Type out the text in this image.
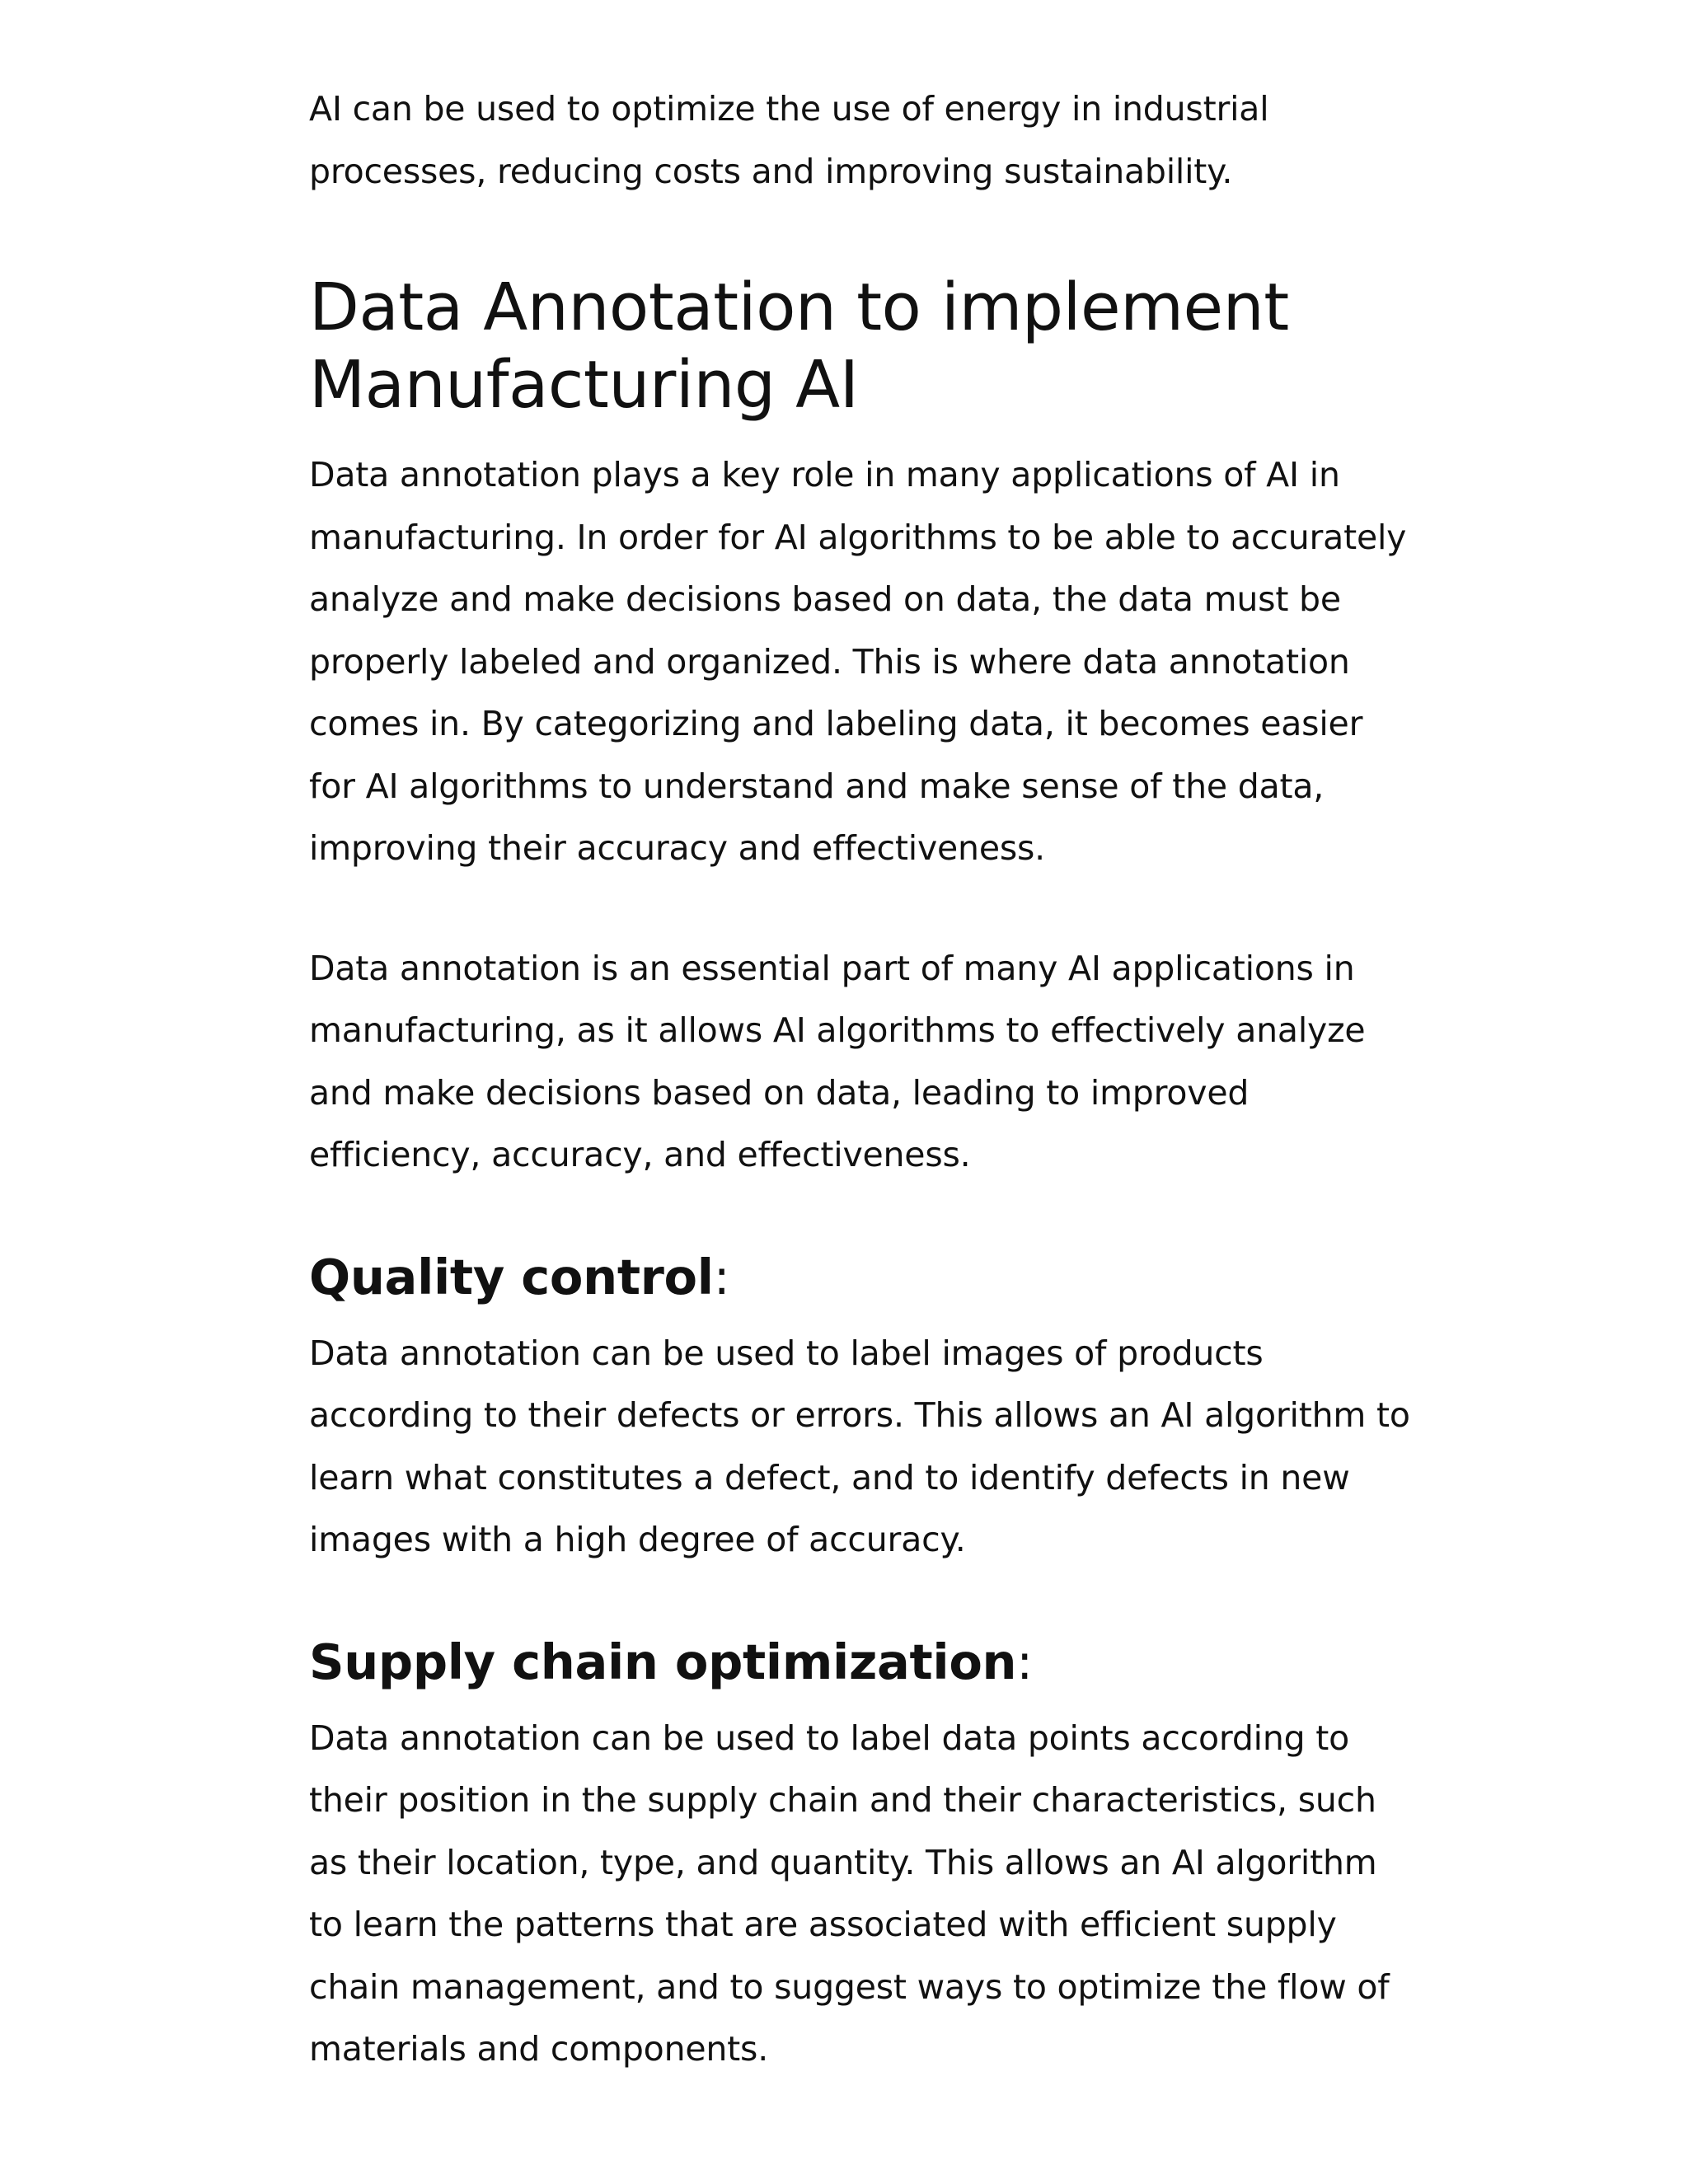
AI can be used to optimize the use of energy in industrial processes, reducing costs and improving sustainability.

Data Annotation to implement
Manufacturing AI

Data annotation plays a key role in many applications of AI in manufacturing. In order for AI algorithms to be able to accurately analyze and make decisions based on data, the data must be properly labeled and organized. This is where data annotation comes in. By categorizing and labeling data, it becomes easier for AI algorithms to understand and make sense of the data, improving their accuracy and effectiveness.

Data annotation is an essential part of many AI applications in manufacturing, as it allows AI algorithms to effectively analyze and make decisions based on data, leading to improved efficiency, accuracy, and effectiveness.

Quality control:

Data annotation can be used to label images of products according to their defects or errors. This allows an AI algorithm to learn what constitutes a defect, and to identify defects in new images with a high degree of accuracy.

Supply chain optimization:

Data annotation can be used to label data points according to their position in the supply chain and their characteristics, such as their location, type, and quantity. This allows an AI algorithm to learn the patterns that are associated with efficient supply chain management, and to suggest ways to optimize the flow of materials and components.
